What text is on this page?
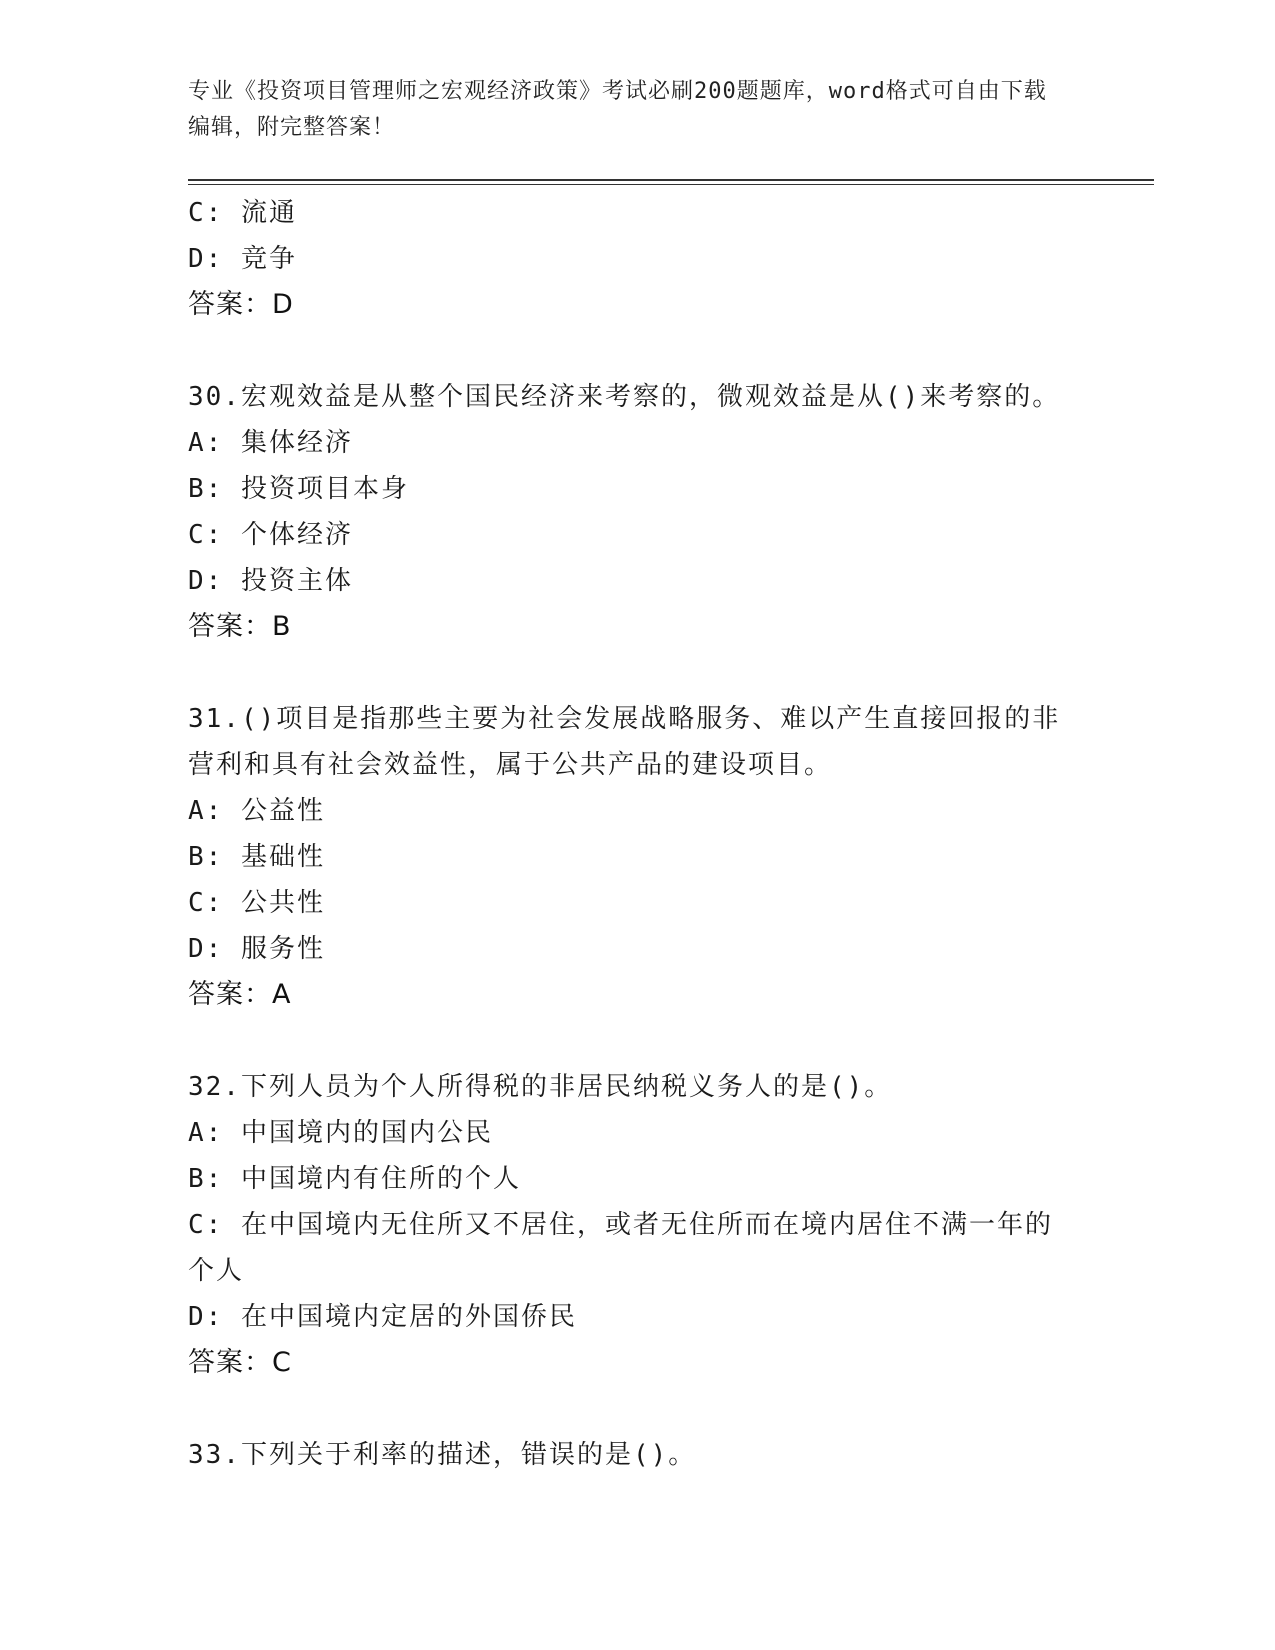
专业《投资项目管理师之宏观经济政策》考试必刷200题题库，word格式可自由下载编辑，附完整答案！
C: 流通
D: 竞争
答案：D
30.宏观效益是从整个国民经济来考察的，微观效益是从()来考察的。
A: 集体经济
B: 投资项目本身
C: 个体经济
D: 投资主体
答案：B
31.()项目是指那些主要为社会发展战略服务、难以产生直接回报的非
营利和具有社会效益性，属于公共产品的建设项目。
A: 公益性
B: 基础性
C: 公共性
D: 服务性
答案：A
32.下列人员为个人所得税的非居民纳税义务人的是()。
A: 中国境内的国内公民
B: 中国境内有住所的个人
C: 在中国境内无住所又不居住，或者无住所而在境内居住不满一年的
个人
D: 在中国境内定居的外国侨民
答案：C
33.下列关于利率的描述，错误的是()。
